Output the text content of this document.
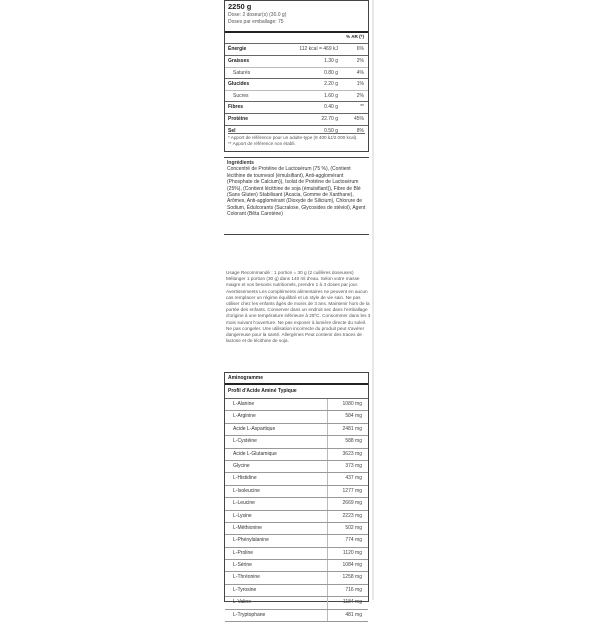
2250 g
Dose: 2 doseur(s) (30.0 g)
Doses par emballage: 75
% AR (*)
Énergie	112 kcal = 469 kJ	6%
Graisses	1.30 g	2%
Saturés	0.80 g	4%
Glucides	2.20 g	1%
Sucres	1.60 g	2%
Fibres	0.40 g	**
Protéine	22.70 g	45%
Sel	0.50 g	8%
* Apport de référence pour un adulte-type (8 400 kJ/2 000 kcal).
** Apport de référence non établi.
Ingrédients
Concentré de Protéine de Lactosérum (75 %), (Contient lécithine de tournesol (émulsifiant), Anti-agglomérant (Phosphate de Calcium)), Isolat de Protéine de Lactosérum (25%), (Contient lécithine de soja (émulsifiant)), Fibre de Blé (Sans Gluten) Stabilisant (Acacia, Gomme de Xanthane), Arômes, Anti-agglomérant (Dioxyde de Silicium), Chlorure de Sodium, Édulcorants (Sucralose, Glycosides de stéviol), Agent Colorant (Bêta Carotène)
Usage Recommandé : 1 portion = 30 g (2 cuillères doseuses) Mélanger 1 portion (30 g) dans 140 ml d'eau. Selon votre masse maigre et vos besoins nutritionels, prendre 1 à 3 doses par jour. Avertissements Les compléments alimentaires ne peuvent en aucun cas remplacer un régime équilibré et un style de vie sain. Ne pas utiliser chez les enfants âgés de moins de 3 ans. Maintenir hors de la portée des enfants. Conserver dans un endroit sec dans l'emballage d'origine à une température inférieure à 25ºC. Consommer dans les 3 mois suivant l'ouverture. Ne pas exposer à lumière directe du soleil. Ne pas congeler. Une utilisation incorrecte du produit peut s'avérer dangereuse pour la santé. Allergènes Peut contenir des traces de lactose et de lécithine de soja.
Aminogramme
Profil d'Acide Aminé Typique
L-Alanine	1080 mg
L-Arginine	584 mg
Acide L-Aspartique	2481 mg
L-Cystéine	588 mg
Acide L-Glutamique	3623 mg
Glycine	373 mg
L-Histidine	437 mg
L-Isoleucine	1277 mg
L-Leucine	2669 mg
L-Lysine	2223 mg
L-Méthionine	502 mg
L-Phénylalanine	774 mg
L-Proline	1120 mg
L-Sérine	1084 mg
L-Thréonine	1258 mg
L-Tyrosine	716 mg
L-Valine	1184 mg
L-Tryptophane	481 mg
